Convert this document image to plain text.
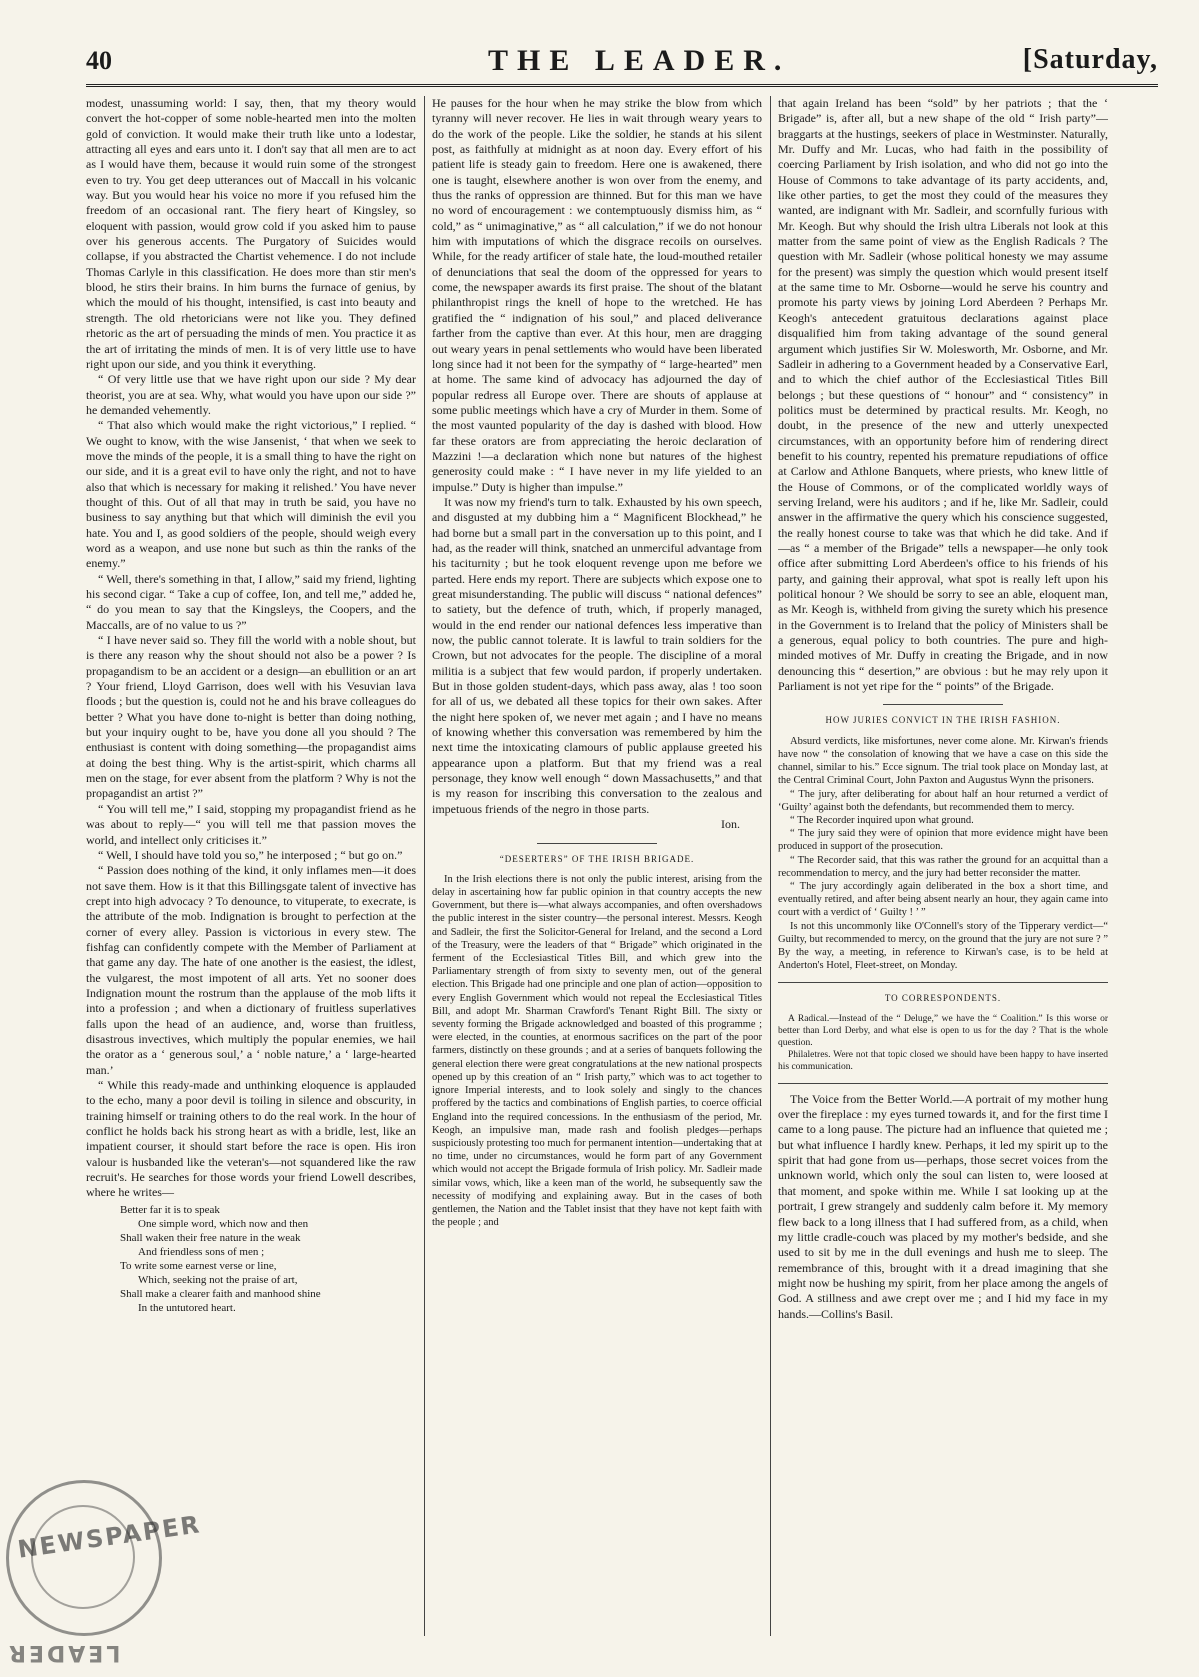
40	THE LEADER.	[Saturday,

modest, unassuming world: I say, then, that my theory would convert the hot-copper of some noble-hearted men into the molten gold of conviction. It would make their truth like unto a lodestar, attracting all eyes and ears unto it. I don't say that all men are to act as I would have them, because it would ruin some of the strongest even to try. You get deep utterances out of Maccall in his volcanic way. But you would hear his voice no more if you refused him the freedom of an occasional rant. The fiery heart of Kingsley, so eloquent with passion, would grow cold if you asked him to pause over his generous accents. The Purgatory of Suicides would collapse, if you abstracted the Chartist vehemence. I do not include Thomas Carlyle in this classification. He does more than stir men's blood, he stirs their brains. In him burns the furnace of genius, by which the mould of his thought, intensified, is cast into beauty and strength. The old rhetoricians were not like you. They defined rhetoric as the art of persuading the minds of men. You practice it as the art of irritating the minds of men. It is of very little use to have right upon our side, and you think it everything.

“ Of very little use that we have right upon our side ? My dear theorist, you are at sea. Why, what would you have upon our side ?” he demanded vehemently.

“ That also which would make the right victorious,” I replied. “ We ought to know, with the wise Jansenist, ‘ that when we seek to move the minds of the people, it is a small thing to have the right on our side, and it is a great evil to have only the right, and not to have also that which is necessary for making it relished.’ You have never thought of this. Out of all that may in truth be said, you have no business to say anything but that which will diminish the evil you hate. You and I, as good soldiers of the people, should weigh every word as a weapon, and use none but such as thin the ranks of the enemy.”

“ Well, there's something in that, I allow,” said my friend, lighting his second cigar. “ Take a cup of coffee, Ion, and tell me,” added he, “ do you mean to say that the Kingsleys, the Coopers, and the Maccalls, are of no value to us ?”

“ I have never said so. They fill the world with a noble shout, but is there any reason why the shout should not also be a power ? Is propagandism to be an accident or a design—an ebullition or an art ? Your friend, Lloyd Garrison, does well with his Vesuvian lava floods ; but the question is, could not he and his brave colleagues do better ? What you have done to-night is better than doing nothing, but your inquiry ought to be, have you done all you should ? The enthusiast is content with doing something—the propagandist aims at doing the best thing. Why is the artist-spirit, which charms all men on the stage, for ever absent from the platform ? Why is not the propagandist an artist ?”

“ You will tell me,” I said, stopping my propagandist friend as he was about to reply—“ you will tell me that passion moves the world, and intellect only criticises it.”

“ Well, I should have told you so,” he interposed ; “ but go on.”

“ Passion does nothing of the kind, it only inflames men—it does not save them. How is it that this Billingsgate talent of invective has crept into high advocacy ? To denounce, to vituperate, to execrate, is the attribute of the mob. Indignation is brought to perfection at the corner of every alley. Passion is victorious in every stew. The fishfag can confidently compete with the Member of Parliament at that game any day. The hate of one another is the easiest, the idlest, the vulgarest, the most impotent of all arts. Yet no sooner does Indignation mount the rostrum than the applause of the mob lifts it into a profession ; and when a dictionary of fruitless superlatives falls upon the head of an audience, and, worse than fruitless, disastrous invectives, which multiply the popular enemies, we hail the orator as a ‘ generous soul,’ a ‘ noble nature,’ a ‘ large-hearted man.’

“ While this ready-made and unthinking eloquence is applauded to the echo, many a poor devil is toiling in silence and obscurity, in training himself or training others to do the real work. In the hour of conflict he holds back his strong heart as with a bridle, lest, like an impatient courser, it should start before the race is open. His iron valour is husbanded like the veteran's—not squandered like the raw recruit's. He searches for those words your friend Lowell describes, where he writes—

Better far it is to speak
One simple word, which now and then
Shall waken their free nature in the weak
And friendless sons of men ;
To write some earnest verse or line,
Which, seeking not the praise of art,
Shall make a clearer faith and manhood shine
In the untutored heart.

He pauses for the hour when he may strike the blow from which tyranny will never recover. He lies in wait through weary years to do the work of the people. Like the soldier, he stands at his silent post, as faithfully at midnight as at noon day. Every effort of his patient life is steady gain to freedom. Here one is awakened, there one is taught, elsewhere another is won over from the enemy, and thus the ranks of oppression are thinned. But for this man we have no word of encouragement : we contemptuously dismiss him, as “ cold,” as “ unimaginative,” as “ all calculation,” if we do not honour him with imputations of which the disgrace recoils on ourselves. While, for the ready artificer of stale hate, the loud-mouthed retailer of denunciations that seal the doom of the oppressed for years to come, the newspaper awards its first praise. The shout of the blatant philanthropist rings the knell of hope to the wretched. He has gratified the “ indignation of his soul,” and placed deliverance farther from the captive than ever. At this hour, men are dragging out weary years in penal settlements who would have been liberated long since had it not been for the sympathy of “ large-hearted” men at home. The same kind of advocacy has adjourned the day of popular redress all Europe over. There are shouts of applause at some public meetings which have a cry of Murder in them. Some of the most vaunted popularity of the day is dashed with blood. How far these orators are from appreciating the heroic declaration of Mazzini !—a declaration which none but natures of the highest generosity could make : “ I have never in my life yielded to an impulse.” Duty is higher than impulse.”

It was now my friend's turn to talk. Exhausted by his own speech, and disgusted at my dubbing him a “ Magnificent Blockhead,” he had borne but a small part in the conversation up to this point, and I had, as the reader will think, snatched an unmerciful advantage from his taciturnity ; but he took eloquent revenge upon me before we parted. Here ends my report. There are subjects which expose one to great misunderstanding. The public will discuss “ national defences” to satiety, but the defence of truth, which, if properly managed, would in the end render our national defences less imperative than now, the public cannot tolerate. It is lawful to train soldiers for the Crown, but not advocates for the people. The discipline of a moral militia is a subject that few would pardon, if properly undertaken. But in those golden student-days, which pass away, alas ! too soon for all of us, we debated all these topics for their own sakes. After the night here spoken of, we never met again ; and I have no means of knowing whether this conversation was remembered by him the next time the intoxicating clamours of public applause greeted his appearance upon a platform. But that my friend was a real personage, they know well enough “ down Massachusetts,” and that is my reason for inscribing this conversation to the zealous and impetuous friends of the negro in those parts.

Ion.

“DESERTERS” OF THE IRISH BRIGADE.

In the Irish elections there is not only the public interest, arising from the delay in ascertaining how far public opinion in that country accepts the new Government, but there is—what always accompanies, and often overshadows the public interest in the sister country—the personal interest. Messrs. Keogh and Sadleir, the first the Solicitor-General for Ireland, and the second a Lord of the Treasury, were the leaders of that “ Brigade” which originated in the ferment of the Ecclesiastical Titles Bill, and which grew into the Parliamentary strength of from sixty to seventy men, out of the general election. This Brigade had one principle and one plan of action—opposition to every English Government which would not repeal the Ecclesiastical Titles Bill, and adopt Mr. Sharman Crawford's Tenant Right Bill. The sixty or seventy forming the Brigade acknowledged and boasted of this programme ; were elected, in the counties, at enormous sacrifices on the part of the poor farmers, distinctly on these grounds ; and at a series of banquets following the general election there were great congratulations at the new national prospects opened up by this creation of an “ Irish party,” which was to act together to ignore Imperial interests, and to look solely and singly to the chances proffered by the tactics and combinations of English parties, to coerce official England into the required concessions. In the enthusiasm of the period, Mr. Keogh, an impulsive man, made rash and foolish pledges—perhaps suspiciously protesting too much for permanent intention—undertaking that at no time, under no circumstances, would he form part of any Government which would not accept the Brigade formula of Irish policy. Mr. Sadleir made similar vows, which, like a keen man of the world, he subsequently saw the necessity of modifying and explaining away. But in the cases of both gentlemen, the Nation and the Tablet insist that they have not kept faith with the people ; and

that again Ireland has been “sold” by her patriots ; that the ‘ Brigade” is, after all, but a new shape of the old “ Irish party”—braggarts at the hustings, seekers of place in Westminster. Naturally, Mr. Duffy and Mr. Lucas, who had faith in the possibility of coercing Parliament by Irish isolation, and who did not go into the House of Commons to take advantage of its party accidents, and, like other parties, to get the most they could of the measures they wanted, are indignant with Mr. Sadleir, and scornfully furious with Mr. Keogh. But why should the Irish ultra Liberals not look at this matter from the same point of view as the English Radicals ? The question with Mr. Sadleir (whose political honesty we may assume for the present) was simply the question which would present itself at the same time to Mr. Osborne—would he serve his country and promote his party views by joining Lord Aberdeen ? Perhaps Mr. Keogh's antecedent gratuitous declarations against place disqualified him from taking advantage of the sound general argument which justifies Sir W. Molesworth, Mr. Osborne, and Mr. Sadleir in adhering to a Government headed by a Conservative Earl, and to which the chief author of the Ecclesiastical Titles Bill belongs ; but these questions of “ honour” and “ consistency” in politics must be determined by practical results. Mr. Keogh, no doubt, in the presence of the new and utterly unexpected circumstances, with an opportunity before him of rendering direct benefit to his country, repented his premature repudiations of office at Carlow and Athlone Banquets, where priests, who knew little of the House of Commons, or of the complicated worldly ways of serving Ireland, were his auditors ; and if he, like Mr. Sadleir, could answer in the affirmative the query which his conscience suggested, the really honest course to take was that which he did take. And if —as “ a member of the Brigade” tells a newspaper—he only took office after submitting Lord Aberdeen's office to his friends of his party, and gaining their approval, what spot is really left upon his political honour ? We should be sorry to see an able, eloquent man, as Mr. Keogh is, withheld from giving the surety which his presence in the Government is to Ireland that the policy of Ministers shall be a generous, equal policy to both countries. The pure and high-minded motives of Mr. Duffy in creating the Brigade, and in now denouncing this “ desertion,” are obvious : but he may rely upon it Parliament is not yet ripe for the “ points” of the Brigade.

HOW JURIES CONVICT IN THE IRISH FASHION.

Absurd verdicts, like misfortunes, never come alone. Mr. Kirwan's friends have now “ the consolation of knowing that we have a case on this side the channel, similar to his.” Ecce signum. The trial took place on Monday last, at the Central Criminal Court, John Paxton and Augustus Wynn the prisoners.

“ The jury, after deliberating for about half an hour returned a verdict of ‘Guilty’ against both the defendants, but recommended them to mercy.

“ The Recorder inquired upon what ground.

“ The jury said they were of opinion that more evidence might have been produced in support of the prosecution.

“ The Recorder said, that this was rather the ground for an acquittal than a recommendation to mercy, and the jury had better reconsider the matter.

“ The jury accordingly again deliberated in the box a short time, and eventually retired, and after being absent nearly an hour, they again came into court with a verdict of ‘ Guilty ! ’ ”

Is not this uncommonly like O'Connell's story of the Tipperary verdict—“ Guilty, but recommended to mercy, on the ground that the jury are not sure ? ” By the way, a meeting, in reference to Kirwan's case, is to be held at Anderton's Hotel, Fleet-street, on Monday.

TO CORRESPONDENTS.

A Radical.—Instead of the “ Deluge,” we have the “ Coalition.” Is this worse or better than Lord Derby, and what else is open to us for the day ? That is the whole question.

Philaletres. Were not that topic closed we should have been happy to have inserted his communication.

The Voice from the Better World.—A portrait of my mother hung over the fireplace : my eyes turned towards it, and for the first time I came to a long pause. The picture had an influence that quieted me ; but what influence I hardly knew. Perhaps, it led my spirit up to the spirit that had gone from us—perhaps, those secret voices from the unknown world, which only the soul can listen to, were loosed at that moment, and spoke within me. While I sat looking up at the portrait, I grew strangely and suddenly calm before it. My memory flew back to a long illness that I had suffered from, as a child, when my little cradle-couch was placed by my mother's bedside, and she used to sit by me in the dull evenings and hush me to sleep. The remembrance of this, brought with it a dread imagining that she might now be hushing my spirit, from her place among the angels of God. A stillness and awe crept over me ; and I hid my face in my hands.—Collins's Basil.

NEWSPAPER
LEADER
